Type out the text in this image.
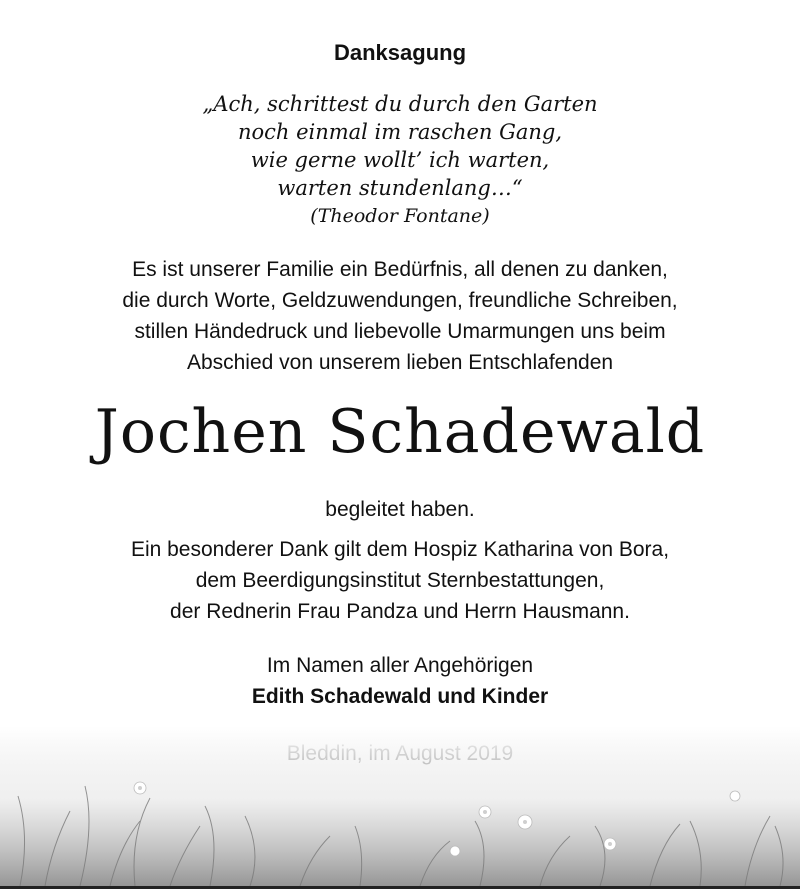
Danksagung
„Ach, schrittest du durch den Garten
noch einmal im raschen Gang,
wie gerne wollt’ ich warten,
warten stundenlang…“
(Theodor Fontane)
Es ist unserer Familie ein Bedürfnis, all denen zu danken,
die durch Worte, Geldzuwendungen, freundliche Schreiben,
stillen Händedruck und liebevolle Umarmungen uns beim
Abschied von unserem lieben Entschlafenden
Jochen Schadewald
begleitet haben.
Ein besonderer Dank gilt dem Hospiz Katharina von Bora,
dem Beerdigungsinstitut Sternbestattungen,
der Rednerin Frau Pandza und Herrn Hausmann.
Im Namen aller Angehörigen
Edith Schadewald und Kinder
